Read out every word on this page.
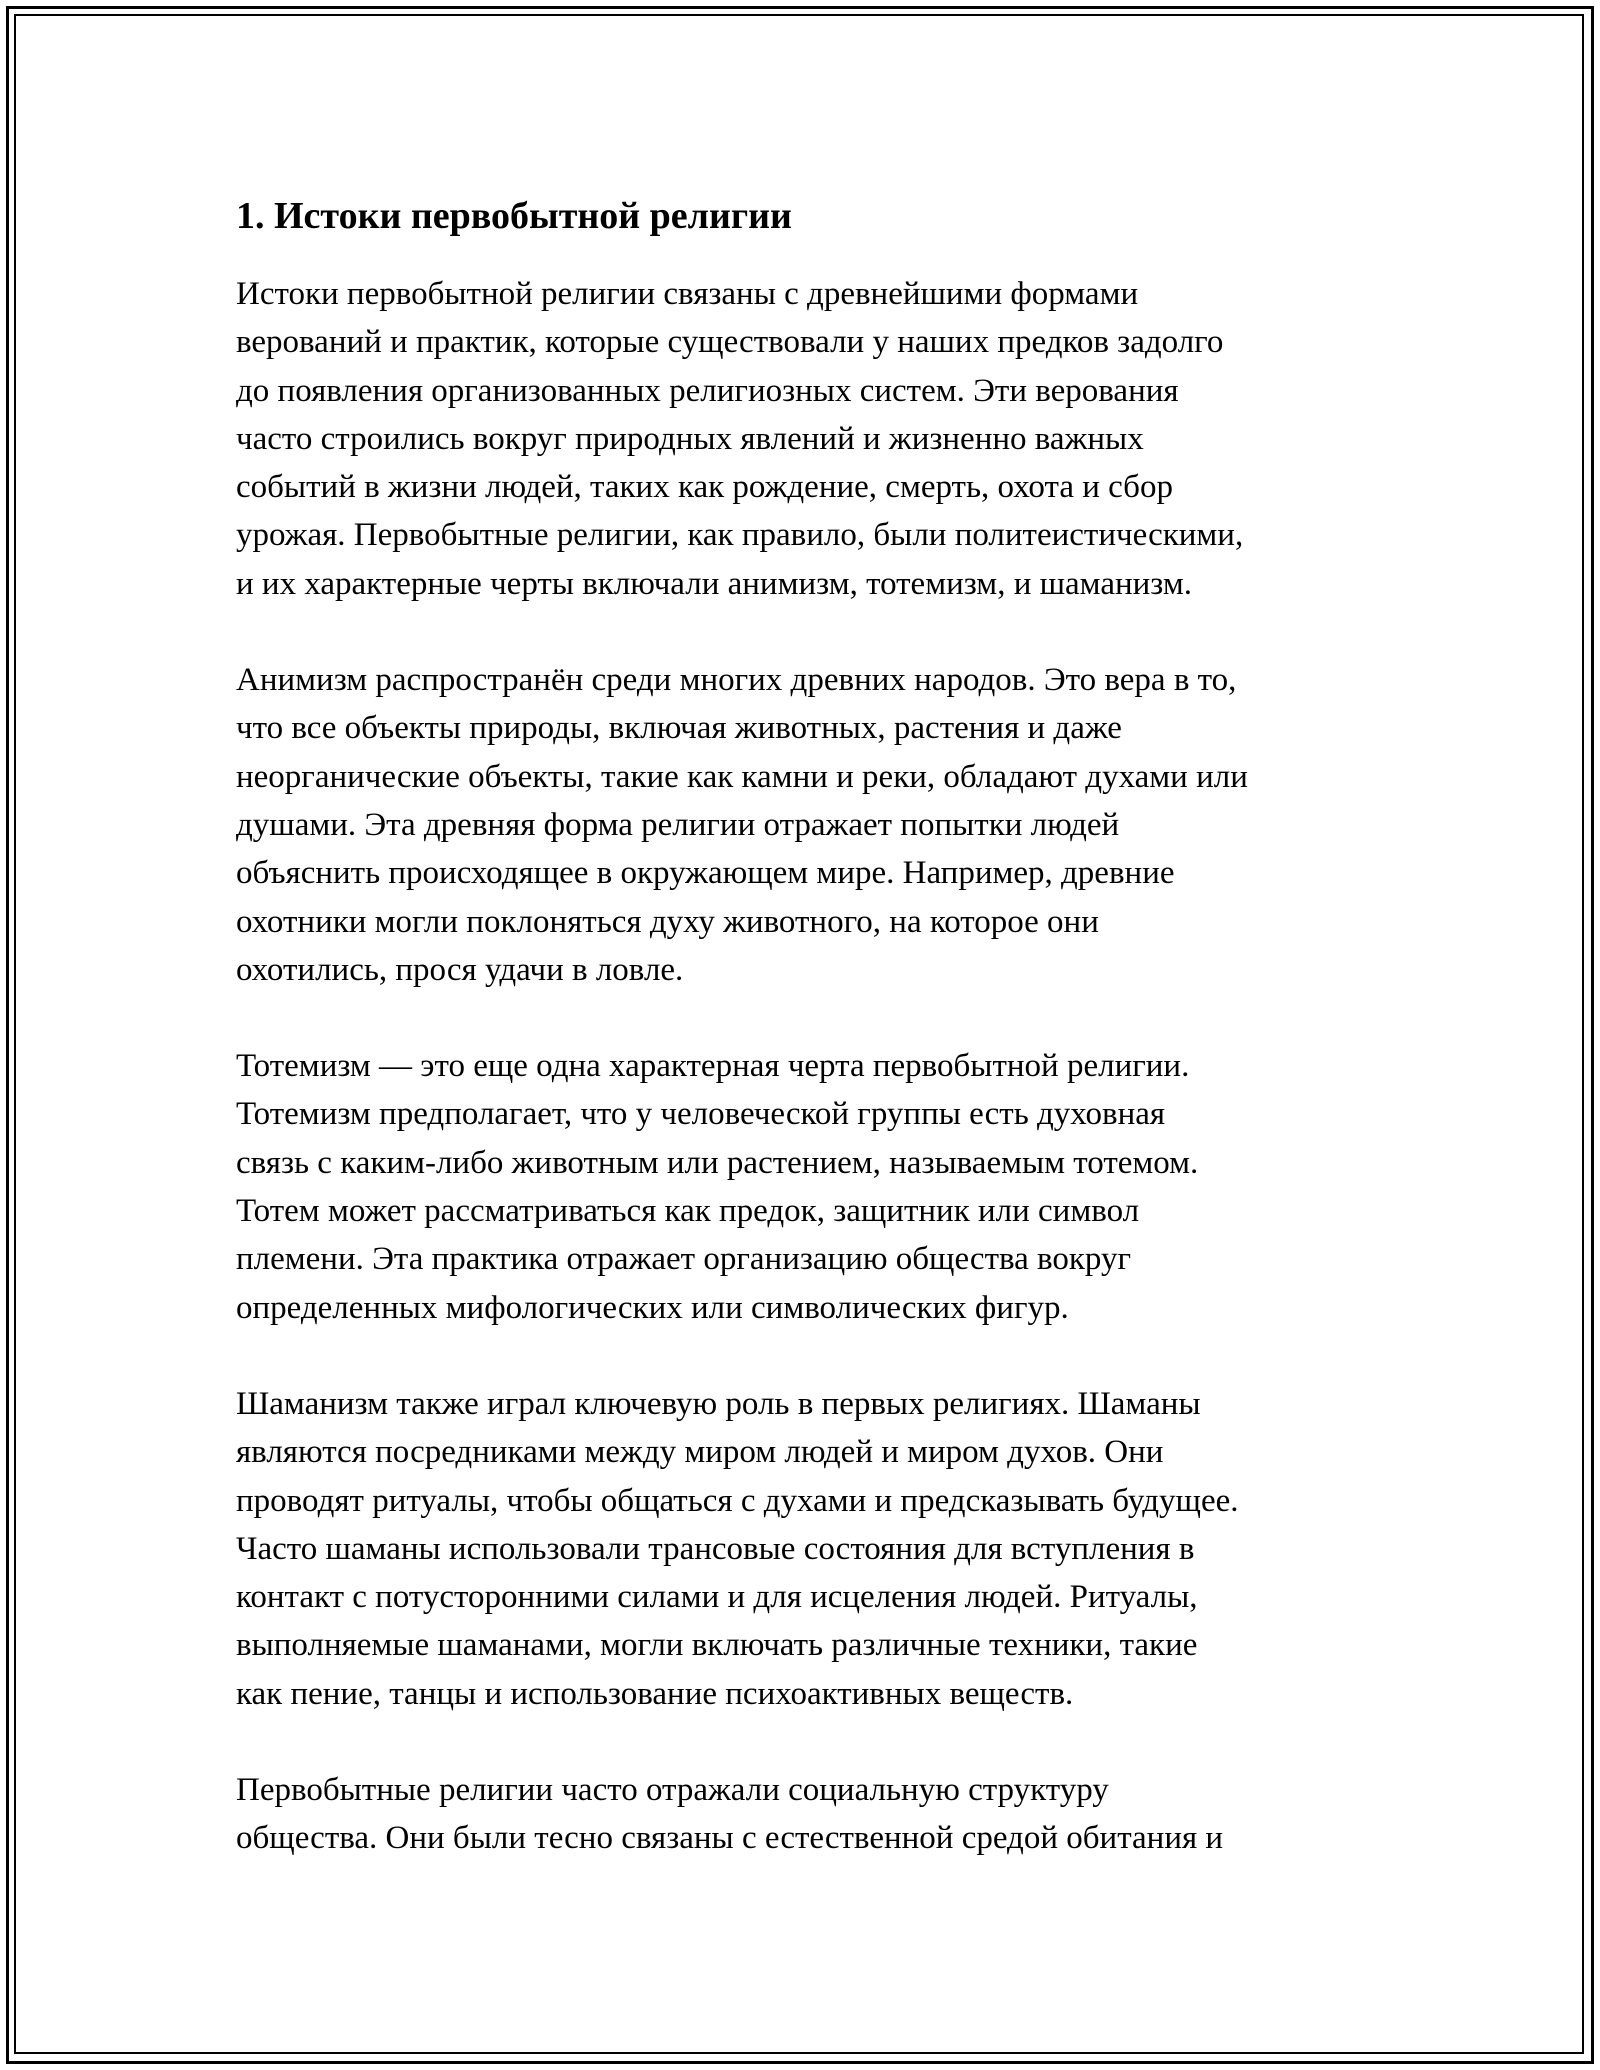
1. Истоки первобытной религии
Истоки первобытной религии связаны с древнейшими формами
верований и практик, которые существовали у наших предков задолго
до появления организованных религиозных систем. Эти верования
часто строились вокруг природных явлений и жизненно важных
событий в жизни людей, таких как рождение, смерть, охота и сбор
урожая. Первобытные религии, как правило, были политеистическими,
и их характерные черты включали анимизм, тотемизм, и шаманизм.
Анимизм распространён среди многих древних народов. Это вера в то,
что все объекты природы, включая животных, растения и даже
неорганические объекты, такие как камни и реки, обладают духами или
душами. Эта древняя форма религии отражает попытки людей
объяснить происходящее в окружающем мире. Например, древние
охотники могли поклоняться духу животного, на которое они
охотились, прося удачи в ловле.
Тотемизм — это еще одна характерная черта первобытной религии.
Тотемизм предполагает, что у человеческой группы есть духовная
связь с каким-либо животным или растением, называемым тотемом.
Тотем может рассматриваться как предок, защитник или символ
племени. Эта практика отражает организацию общества вокруг
определенных мифологических или символических фигур.
Шаманизм также играл ключевую роль в первых религиях. Шаманы
являются посредниками между миром людей и миром духов. Они
проводят ритуалы, чтобы общаться с духами и предсказывать будущее.
Часто шаманы использовали трансовые состояния для вступления в
контакт с потусторонними силами и для исцеления людей. Ритуалы,
выполняемые шаманами, могли включать различные техники, такие
как пение, танцы и использование психоактивных веществ.
Первобытные религии часто отражали социальную структуру
общества. Они были тесно связаны с естественной средой обитания и
